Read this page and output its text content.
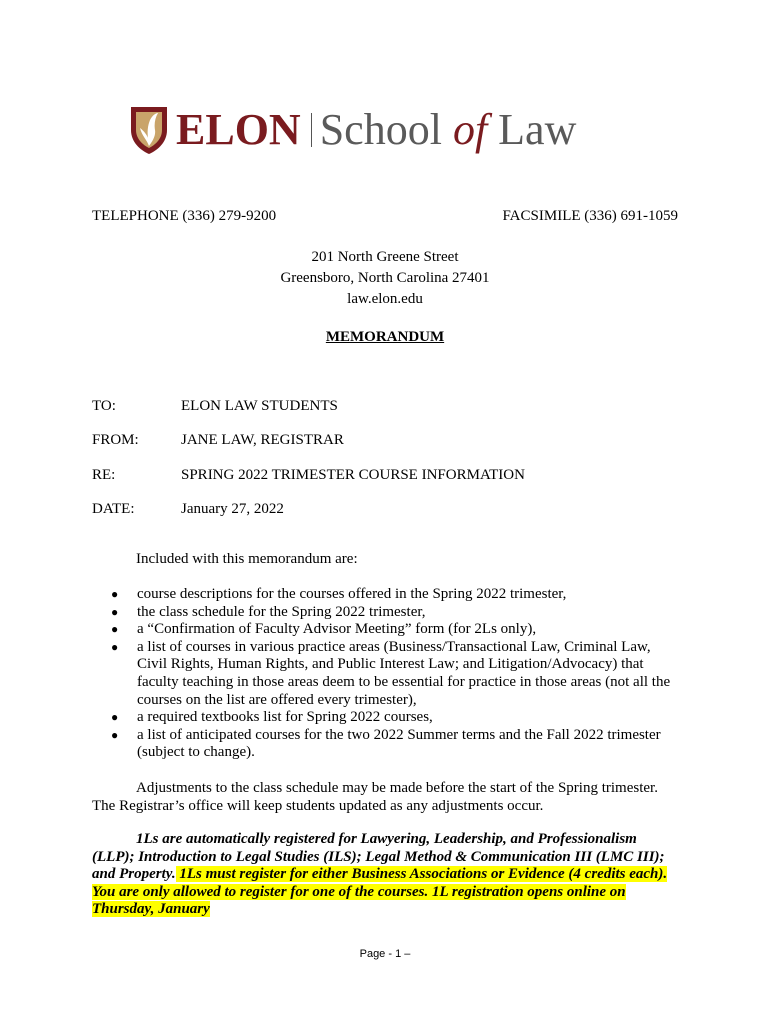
ELON School of Law
TELEPHONE (336) 279-9200	FACSIMILE (336) 691-1059
201 North Greene Street
Greensboro, North Carolina 27401
law.elon.edu
MEMORANDUM
TO:	ELON LAW STUDENTS
FROM:	JANE LAW, REGISTRAR
RE:	SPRING 2022 TRIMESTER COURSE INFORMATION
DATE:	January 27, 2022
Included with this memorandum are:
● course descriptions for the courses offered in the Spring 2022 trimester,
● the class schedule for the Spring 2022 trimester,
● a “Confirmation of Faculty Advisor Meeting” form (for 2Ls only),
● a list of courses in various practice areas (Business/Transactional Law, Criminal Law, Civil Rights, Human Rights, and Public Interest Law; and Litigation/Advocacy) that faculty teaching in those areas deem to be essential for practice in those areas (not all the courses on the list are offered every trimester),
● a required textbooks list for Spring 2022 courses,
● a list of anticipated courses for the two 2022 Summer terms and the Fall 2022 trimester (subject to change).
Adjustments to the class schedule may be made before the start of the Spring trimester. The Registrar’s office will keep students updated as any adjustments occur.
1Ls are automatically registered for Lawyering, Leadership, and Professionalism (LLP); Introduction to Legal Studies (ILS); Legal Method & Communication III (LMC III); and Property. 1Ls must register for either Business Associations or Evidence (4 credits each). You are only allowed to register for one of the courses. 1L registration opens online on Thursday, January
Page - 1 –
